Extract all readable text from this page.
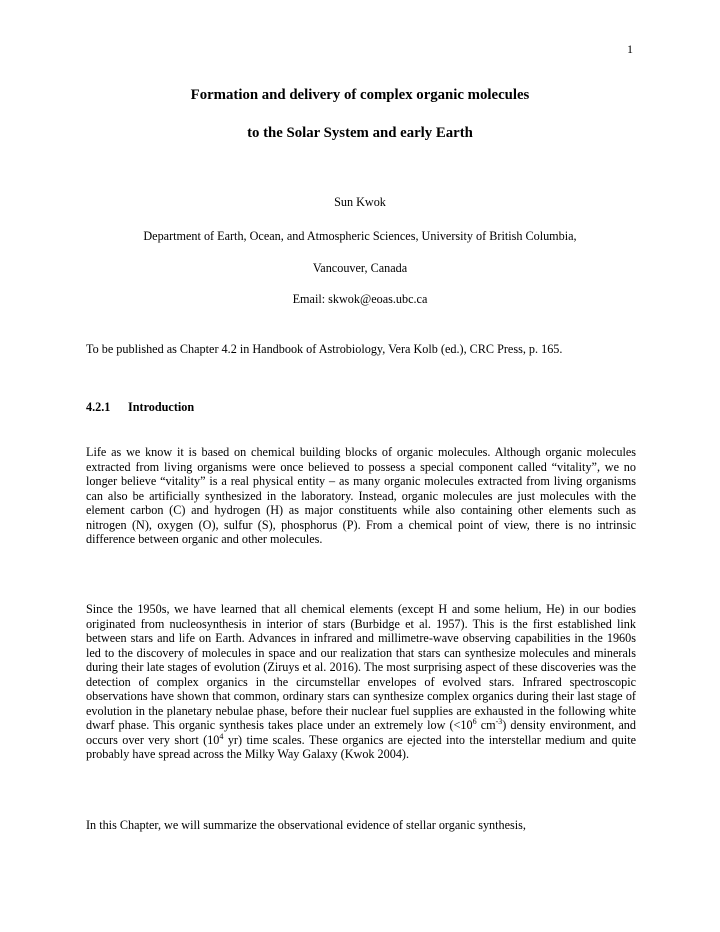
1
Formation and delivery of complex organic molecules
to the Solar System and early Earth
Sun Kwok
Department of Earth, Ocean, and Atmospheric Sciences, University of British Columbia,
Vancouver, Canada
Email: skwok@eoas.ubc.ca
To be published as Chapter 4.2 in Handbook of Astrobiology, Vera Kolb (ed.), CRC Press, p. 165.
4.2.1 Introduction
Life as we know it is based on chemical building blocks of organic molecules. Although organic molecules extracted from living organisms were once believed to possess a special component called “vitality”, we no longer believe “vitality” is a real physical entity – as many organic molecules extracted from living organisms can also be artificially synthesized in the laboratory. Instead, organic molecules are just molecules with the element carbon (C) and hydrogen (H) as major constituents while also containing other elements such as nitrogen (N), oxygen (O), sulfur (S), phosphorus (P). From a chemical point of view, there is no intrinsic difference between organic and other molecules.
Since the 1950s, we have learned that all chemical elements (except H and some helium, He) in our bodies originated from nucleosynthesis in interior of stars (Burbidge et al. 1957). This is the first established link between stars and life on Earth. Advances in infrared and millimetre-wave observing capabilities in the 1960s led to the discovery of molecules in space and our realization that stars can synthesize molecules and minerals during their late stages of evolution (Ziruys et al. 2016). The most surprising aspect of these discoveries was the detection of complex organics in the circumstellar envelopes of evolved stars. Infrared spectroscopic observations have shown that common, ordinary stars can synthesize complex organics during their last stage of evolution in the planetary nebulae phase, before their nuclear fuel supplies are exhausted in the following white dwarf phase. This organic synthesis takes place under an extremely low ($<10^6$ $cm^{-3}$) density environment, and occurs over very short ($10^4$ yr) time scales. These organics are ejected into the interstellar medium and quite probably have spread across the Milky Way Galaxy (Kwok 2004).
In this Chapter, we will summarize the observational evidence of stellar organic synthesis,
